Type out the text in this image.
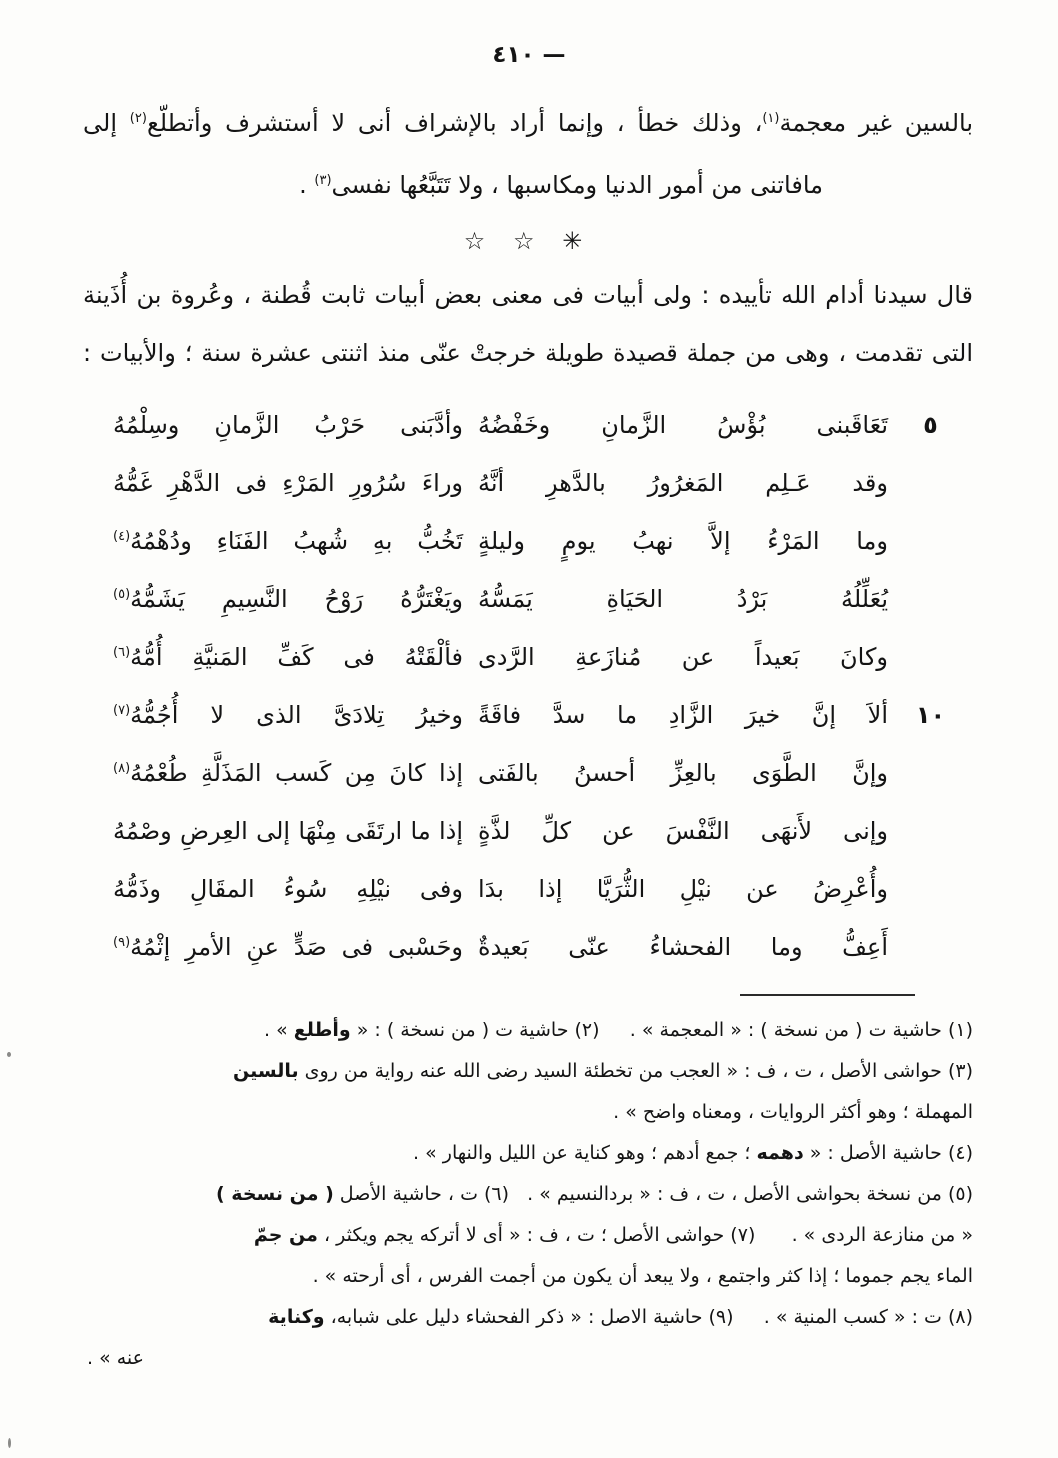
٤١٠ —
بالسين غير معجمة$^{(١)}$، وذلك خطأ ، وإنما أراد بالإشراف أنى لا أستشرف وأتطلّع$^{(٢)}$ إلى
مافاتنى من أمور الدنيا ومكاسبها ، ولا تَتَبَّعُها نفسى$^{(٣)}$ .
✳ ☆ ☆
قال سيدنا أدام الله تأييده : ولى أبيات فى معنى بعض أبيات ثابت قُطنة ، وعُروة بن أُذَينة
التى تقدمت ، وهى من جملة قصيدة طويلة خرجتْ عنّى منذ اثنتى عشرة سنة ؛ والأبيات :
٥
تَعَاقَبنى بُؤْسُ الزَّمانِ وخَفْضُهُ
وأدَّبَنى حَرْبُ الزَّمانِ وسِلْمُهُ
وقد عَـلِم المَغرُورُ بالدَّهرِ أنَّهُ
وراءَ سُرُورِ المَرْءِ فى الدَّهْرِ غَمُّهُ
وما المَرْءُ إلاَّ نهبُ يومٍ وليلةٍ
تَخُبُّ بهِ شُهبُ الفَنَاءِ ودُهْمُهُ$^{(٤)}$
يُعَلِّلُهُ بَرْدُ الحَيَاةِ يَمَسُّهُ
ويَغْتَرُّهُ رَوْحُ النَّسِيمِ يَشَمُّهُ$^{(٥)}$
وكانَ بَعيداً عن مُنازَعةِ الرَّدى
فألْقَتْهُ فى كَفِّ المَنيَّةِ أُمُّهُ$^{(٦)}$
١٠
ألاَ إنَّ خيرَ الزَّادِ ما سدَّ فاقَةً
وخيرُ تِلادَىَّ الذى لا أُجُمُّهُ$^{(٧)}$
وإنَّ الطَّوَى بالعِزِّ أحسنُ بالفَتى
إذا كانَ مِن كَسب المَذَلَّةِ طُعْمُهُ$^{(٨)}$
وإنى لأَنهَى النَّفْسَ عن كلِّ لذَّةٍ
إذا ما ارتَقَى مِنْهَا إلى العِرضِ وصْمُهُ
وأُعْرِضُ عن نيْلِ الثُّرَيَّا إذا بدَا
وفى نيْلِهِ سُوءُ المقَالِ وذَمُّهُ
أَعِفُّ وما الفحشاءُ عنّى بَعيدةٌ
وحَسْبى فى صَدٍّ عنِ الأمرِ إثْمُهُ$^{(٩)}$
(١) حاشية ت ( من نسخة ) : « المعجمة » .     (٢) حاشية ت ( من نسخة ) : « وأطلع » .
(٣) حواشى الأصل ، ت ، ف : « العجب من تخطئة السيد رضى الله عنه رواية من روى بالسين
المهملة ؛ وهو أكثر الروايات ، ومعناه واضح » .
(٤) حاشية الأصل : « دهمه ؛ جمع أدهم ؛ وهو كناية عن الليل والنهار » .
(٥) من نسخة بحواشى الأصل ، ت ، ف : « بردالنسيم » .   (٦) ت ، حاشية الأصل ( من نسخة )
« من منازعة الردى » .      (٧) حواشى الأصل ؛ ت ، ف : « أى لا أتركه يجم ويكثر ، من جمّ
الماء يجم جموما ؛ إذا كثر واجتمع ، ولا يبعد أن يكون من أجمت الفرس ، أى أرحته » .
(٨) ت : « كسب المنية » .     (٩) حاشية الاصل : « ذكر الفحشاء دليل على شبابه، وكناية
عنه » .
